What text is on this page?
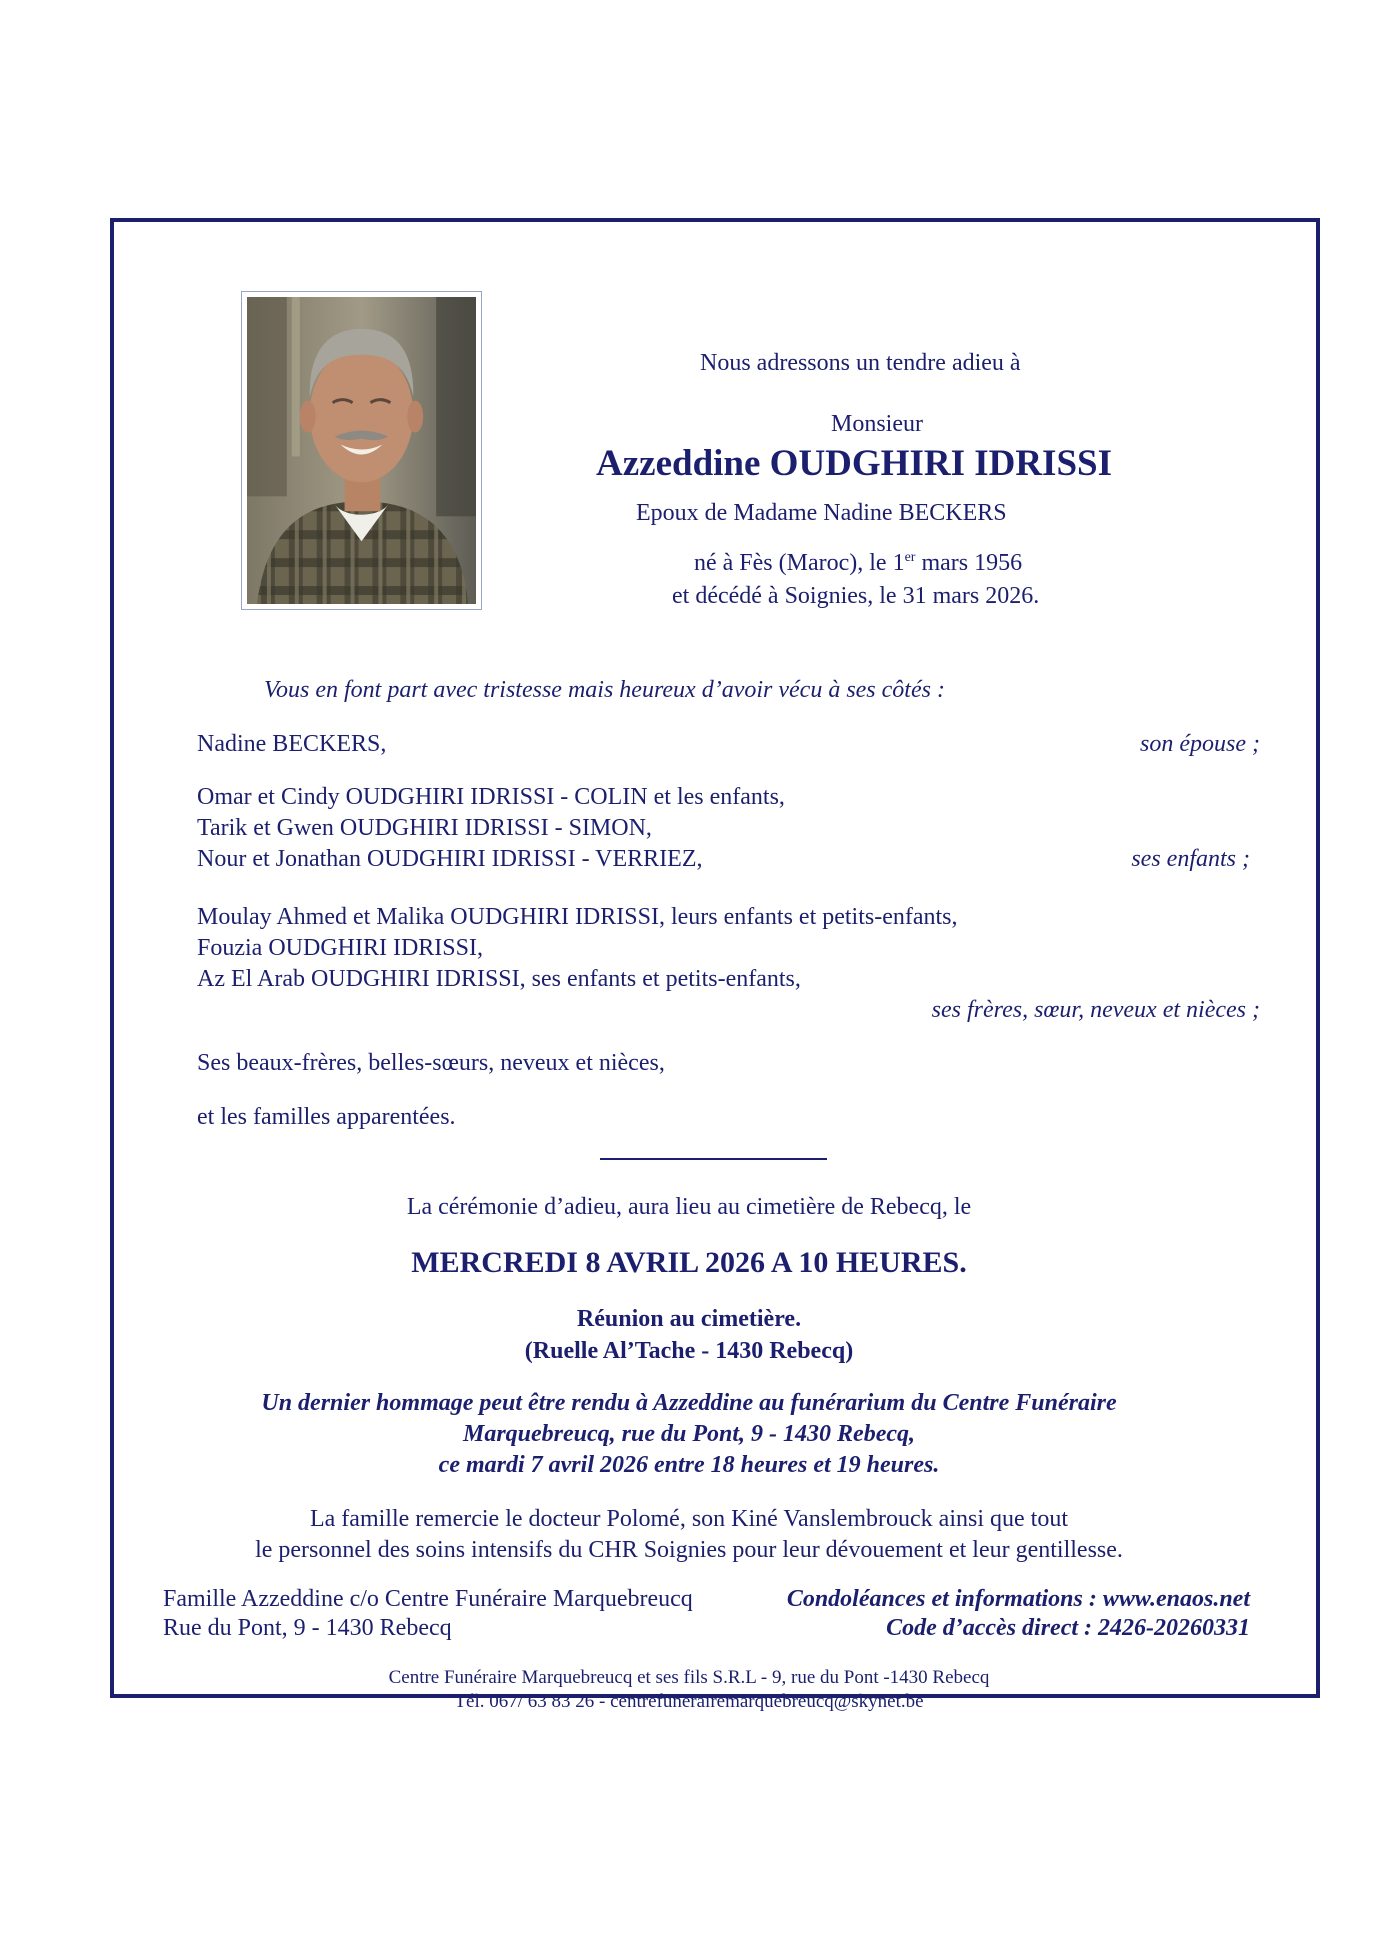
Nous adressons un tendre adieu à
Monsieur
Azzeddine OUDGHIRI IDRISSI
Epoux de Madame Nadine BECKERS
né à Fès (Maroc), le 1er mars 1956
et décédé à Soignies, le 31 mars 2026.
Vous en font part avec tristesse mais heureux d’avoir vécu à ses côtés :
Nadine BECKERS,	son épouse ;
Omar et Cindy OUDGHIRI IDRISSI - COLIN et les enfants,
Tarik et Gwen OUDGHIRI IDRISSI - SIMON,
Nour et Jonathan OUDGHIRI IDRISSI - VERRIEZ,	ses enfants ;
Moulay Ahmed et Malika OUDGHIRI IDRISSI, leurs enfants et petits-enfants,
Fouzia OUDGHIRI IDRISSI,
Az El Arab OUDGHIRI IDRISSI, ses enfants et petits-enfants,
ses frères, sœur, neveux et nièces ;
Ses beaux-frères, belles-sœurs, neveux et nièces,
et les familles apparentées.
La cérémonie d’adieu, aura lieu au cimetière de Rebecq, le
MERCREDI 8 AVRIL 2026 A 10 HEURES.
Réunion au cimetière.
(Ruelle Al’Tache - 1430 Rebecq)
Un dernier hommage peut être rendu à Azzeddine au funérarium du Centre Funéraire
Marquebreucq, rue du Pont, 9 - 1430 Rebecq,
ce mardi 7 avril 2026 entre 18 heures et 19 heures.
La famille remercie le docteur Polomé, son Kiné Vanslembrouck ainsi que tout
le personnel des soins intensifs du CHR Soignies pour leur dévouement et leur gentillesse.
Famille Azzeddine c/o Centre Funéraire Marquebreucq
Rue du Pont, 9 - 1430 Rebecq
Condoléances et informations : www.enaos.net
Code d’accès direct : 2426-20260331
Centre Funéraire Marquebreucq et ses fils S.R.L - 9, rue du Pont -1430 Rebecq
Tél. 067/ 63 83 26 - centrefunerairemarquebreucq@skynet.be
